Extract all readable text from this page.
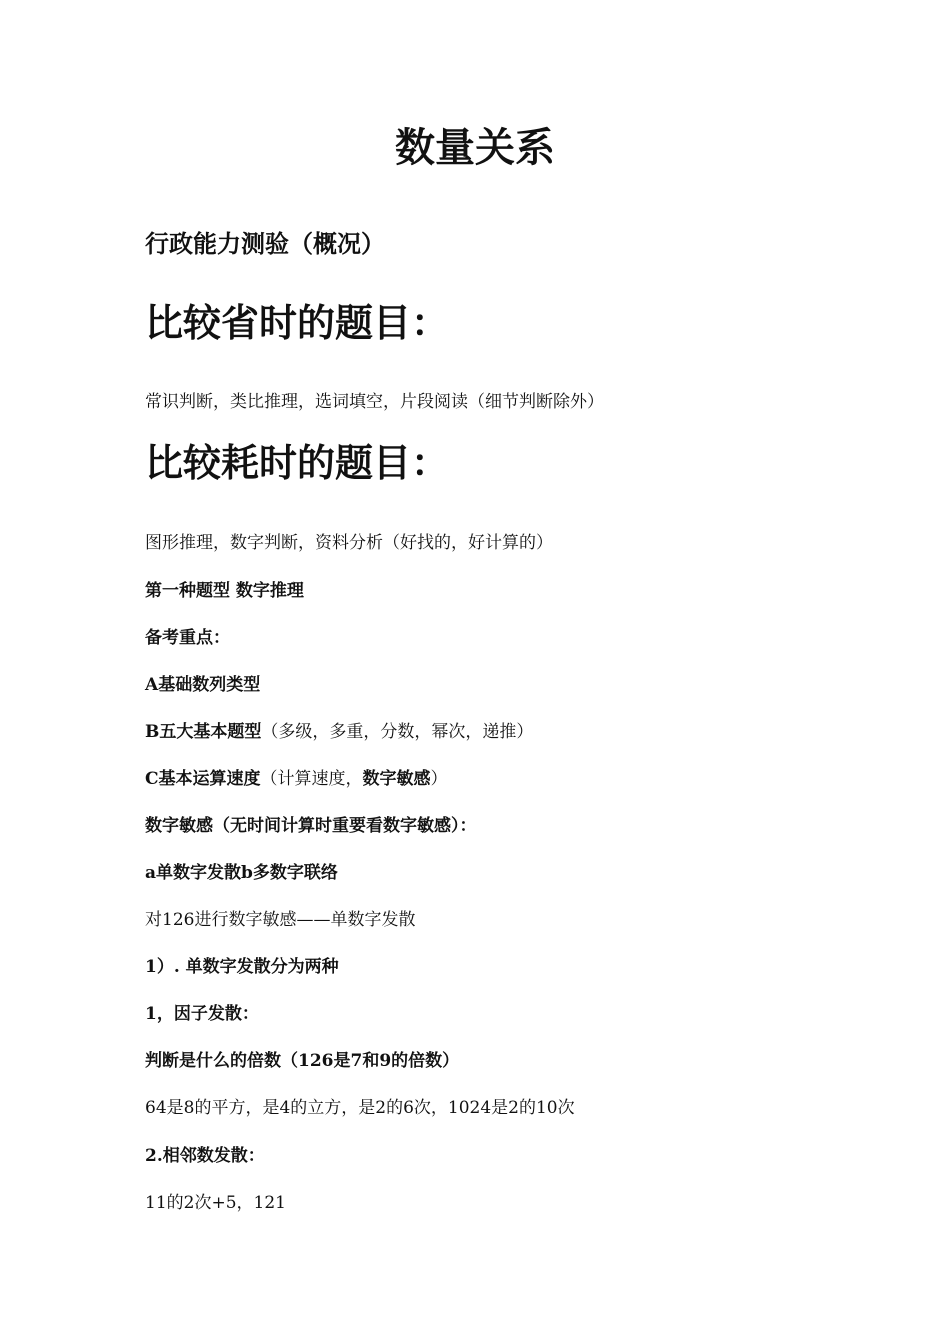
数量关系
行政能力测验（概况）
比较省时的题目：
常识判断，类比推理，选词填空，片段阅读（细节判断除外）
比较耗时的题目：
图形推理，数字判断，资料分析（好找的，好计算的）
第一种题型 数字推理
备考重点：
A基础数列类型
B五大基本题型（多级，多重，分数，幂次，递推）
C基本运算速度（计算速度，数字敏感）
数字敏感（无时间计算时重要看数字敏感）：
a单数字发散b多数字联络
对126进行数字敏感——单数字发散
1）. 单数字发散分为两种
1，因子发散：
判断是什么的倍数（126是7和9的倍数）
64是8的平方，是4的立方，是2的6次，1024是2的10次
2.相邻数发散：
11的2次+5，121
